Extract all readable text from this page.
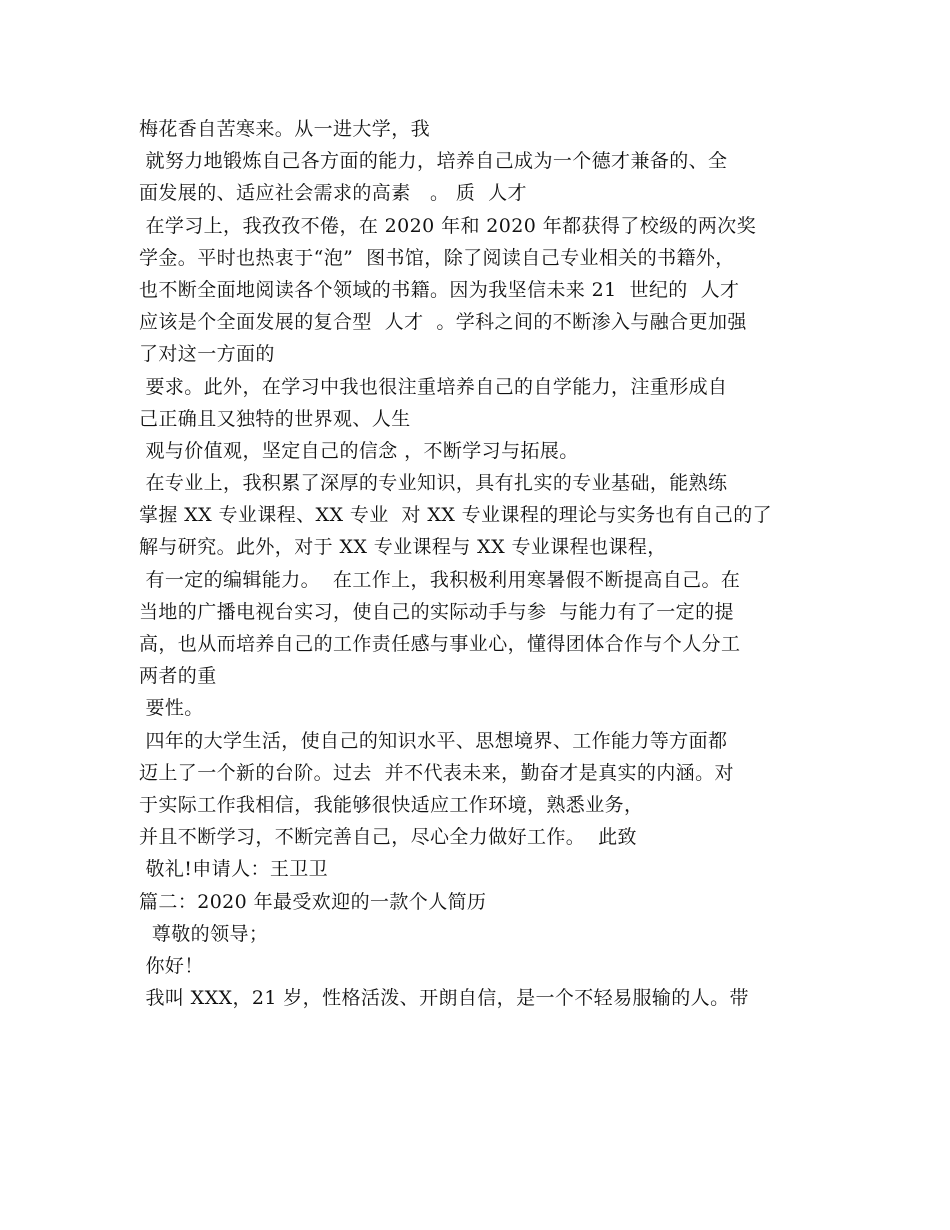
梅花香自苦寒来。从一进大学，我
就努力地锻炼自己各方面的能力，培养自己成为一个德才兼备的、全
面发展的、适应社会需求的高素　。 质  人才
在学习上，我孜孜不倦，在 2020 年和 2020 年都获得了校级的两次奖
学金。平时也热衷于“泡”  图书馆，除了阅读自己专业相关的书籍外，
也不断全面地阅读各个领域的书籍。因为我坚信未来 21  世纪的  人才
应该是个全面发展的复合型  人才  。学科之间的不断渗入与融合更加强
了对这一方面的
要求。此外，在学习中我也很注重培养自己的自学能力，注重形成自
己正确且又独特的世界观、人生
观与价值观，坚定自己的信念 ，不断学习与拓展。
在专业上，我积累了深厚的专业知识，具有扎实的专业基础，能熟练
掌握 XX 专业课程、XX 专业  对 XX 专业课程的理论与实务也有自己的了
解与研究。此外，对于 XX 专业课程与 XX 专业课程也课程，
有一定的编辑能力。  在工作上，我积极利用寒暑假不断提高自己。在
当地的广播电视台实习，使自己的实际动手与参  与能力有了一定的提
高，也从而培养自己的工作责任感与事业心，懂得团体合作与个人分工
两者的重
要性。
四年的大学生活，使自己的知识水平、思想境界、工作能力等方面都
迈上了一个新的台阶。过去  并不代表未来，勤奋才是真实的内涵。对
于实际工作我相信，我能够很快适应工作环境，熟悉业务，
并且不断学习，不断完善自己，尽心全力做好工作。  此致
敬礼!申请人：王卫卫
篇二：2020 年最受欢迎的一款个人简历
尊敬的领导；
你好！
我叫 XXX，21 岁，性格活泼、开朗自信，是一个不轻易服输的人。带
